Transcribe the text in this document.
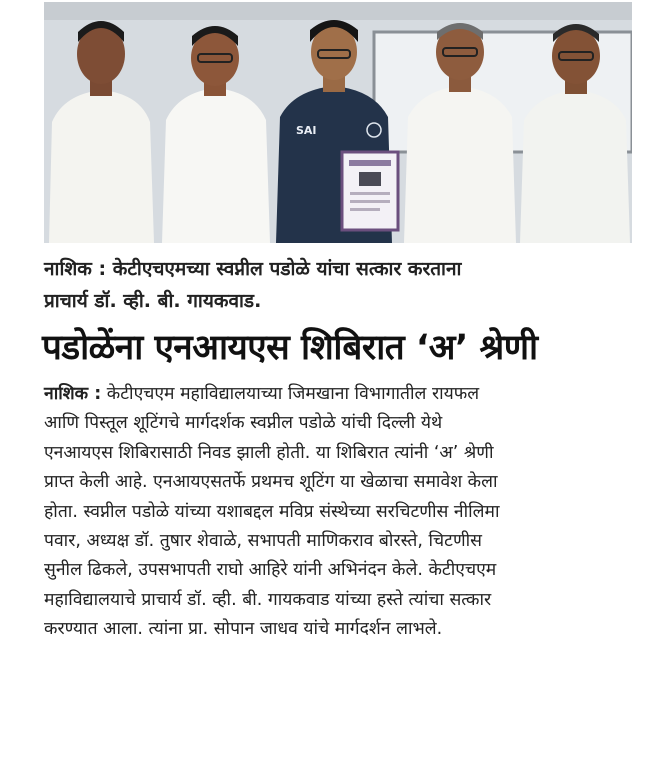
SAI
नाशिक : केटीएचएमच्या स्वप्नील पडोळे यांचा सत्कार करताना
प्राचार्य डॉ. व्ही. बी. गायकवाड.
पडोळेंना एनआयएस शिबिरात ‘अ’ श्रेणी
नाशिक : केटीएचएम महाविद्यालयाच्या जिमखाना विभागातील रायफल
आणि पिस्तूल शूटिंगचे मार्गदर्शक स्वप्नील पडोळे यांची दिल्ली येथे
एनआयएस शिबिरासाठी निवड झाली होती. या शिबिरात त्यांनी ‘अ’ श्रेणी
प्राप्त केली आहे. एनआयएसतर्फे प्रथमच शूटिंग या खेळाचा समावेश केला
होता. स्वप्नील पडोळे यांच्या यशाबद्दल मविप्र संस्थेच्या सरचिटणीस नीलिमा
पवार, अध्यक्ष डॉ. तुषार शेवाळे, सभापती माणिकराव बोरस्ते, चिटणीस
सुनील ढिकले, उपसभापती राघो आहिरे यांनी अभिनंदन केले. केटीएचएम
महाविद्यालयाचे प्राचार्य डॉ. व्ही. बी. गायकवाड यांच्या हस्ते त्यांचा सत्कार
करण्यात आला. त्यांना प्रा. सोपान जाधव यांचे मार्गदर्शन लाभले.
